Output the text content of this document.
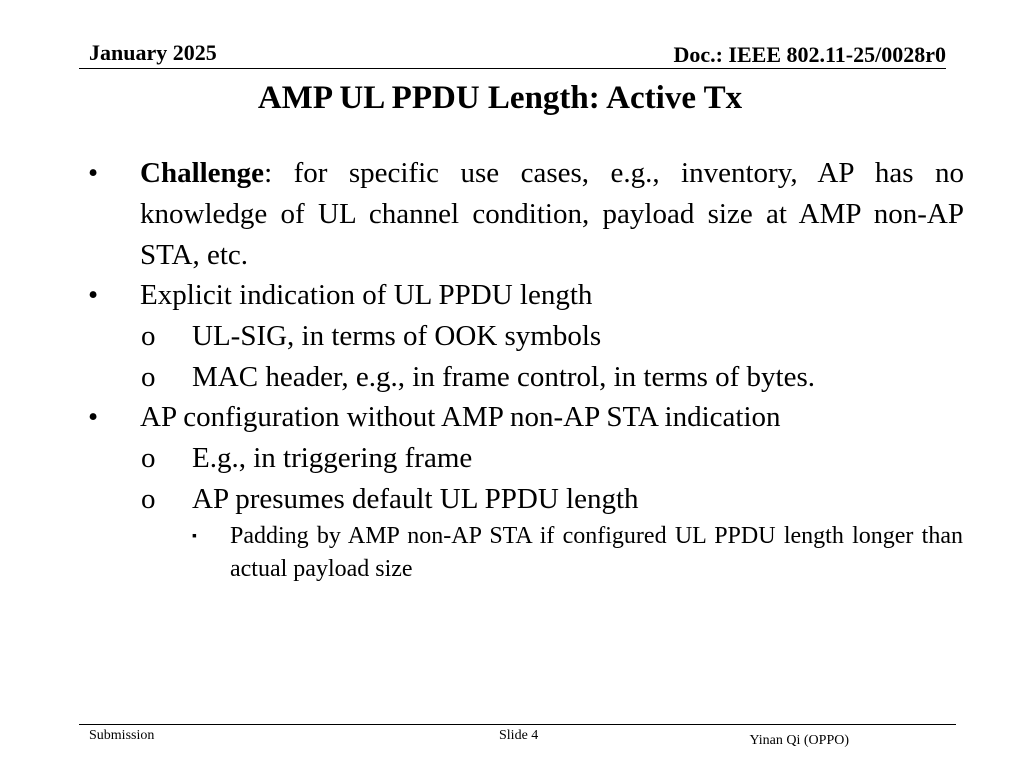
January 2025	Doc.: IEEE 802.11-25/0028r0
AMP UL PPDU Length: Active Tx
• Challenge: for specific use cases, e.g., inventory, AP has no knowledge of UL channel condition, payload size at AMP non-AP STA, etc.
• Explicit indication of UL PPDU length
o UL-SIG, in terms of OOK symbols
o MAC header, e.g., in frame control, in terms of bytes.
• AP configuration without AMP non-AP STA indication
o E.g., in triggering frame
o AP presumes default UL PPDU length
▪ Padding by AMP non-AP STA if configured UL PPDU length longer than actual payload size
Submission	Slide 4	Yinan Qi (OPPO)
